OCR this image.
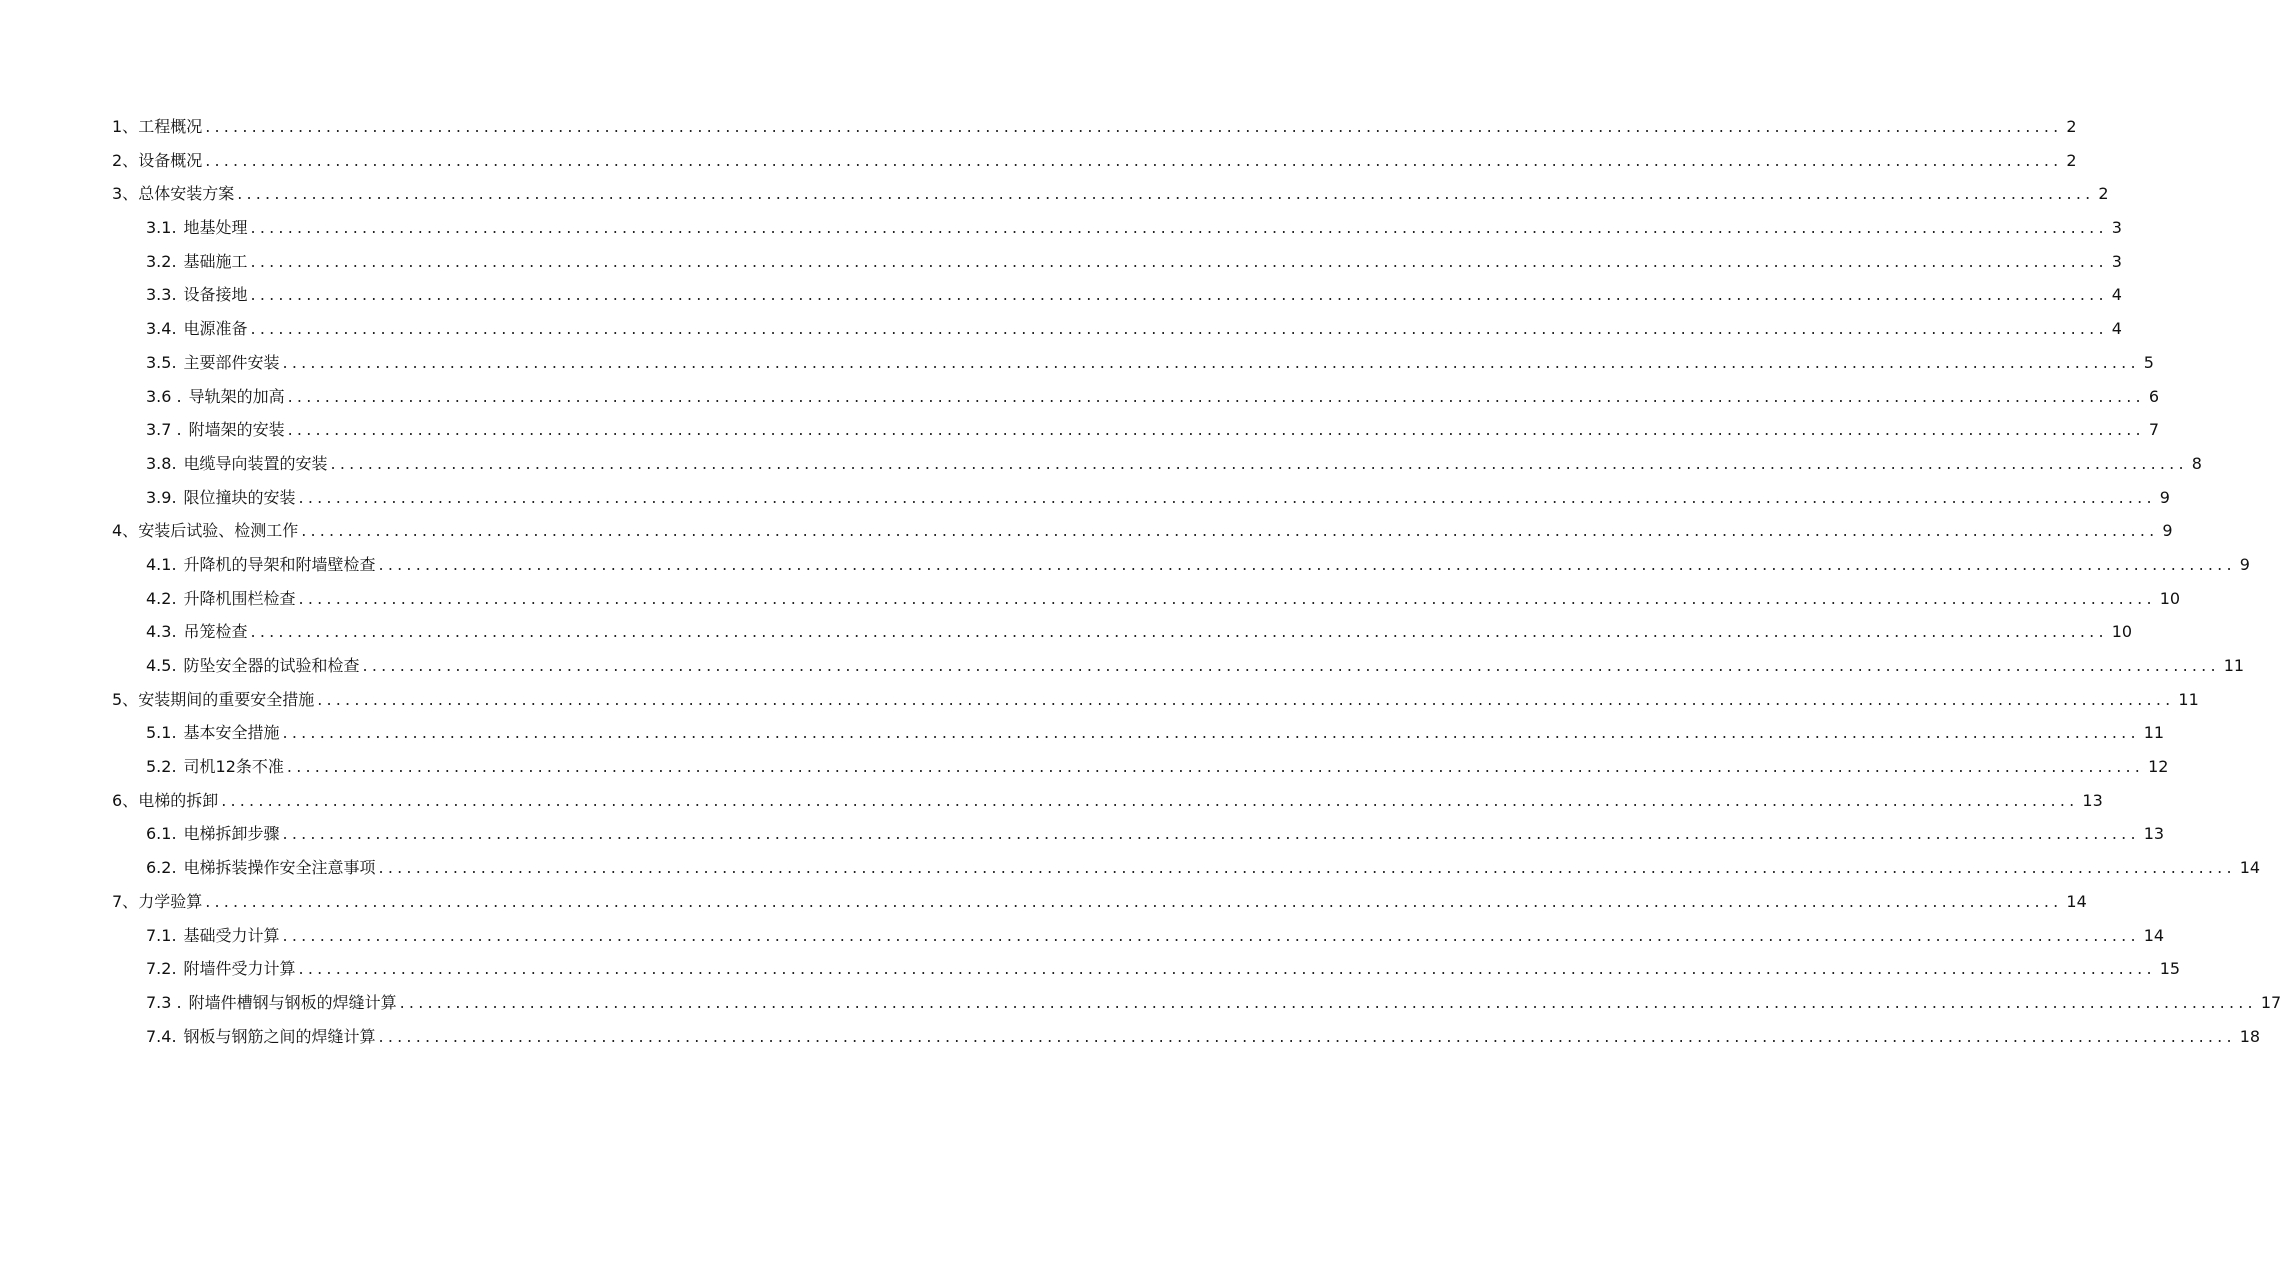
1、 工程概况 ........................................................................................................................................................................................................ 2
2、 设备概况 ........................................................................................................................................................................................................ 2
3、 总体安装方案 ........................................................................................................................................................................................................ 2
3.1. 地基处理 ........................................................................................................................................................................................................ 3
3.2. 基础施工 ........................................................................................................................................................................................................ 3
3.3. 设备接地 ........................................................................................................................................................................................................ 4
3.4. 电源准备 ........................................................................................................................................................................................................ 4
3.5. 主要部件安装 ........................................................................................................................................................................................................ 5
3.6 . 导轨架的加高 ........................................................................................................................................................................................................ 6
3.7 . 附墙架的安装 ........................................................................................................................................................................................................ 7
3.8. 电缆导向装置的安装 ........................................................................................................................................................................................................ 8
3.9. 限位撞块的安装 ........................................................................................................................................................................................................ 9
4、 安装后试验、检测工作 ........................................................................................................................................................................................................ 9
4.1. 升降机的导架和附墙壁检查 ........................................................................................................................................................................................................ 9
4.2. 升降机围栏检查 ........................................................................................................................................................................................................ 10
4.3. 吊笼检查 ........................................................................................................................................................................................................ 10
4.5. 防坠安全器的试验和检查 ........................................................................................................................................................................................................ 11
5、 安装期间的重要安全措施 ........................................................................................................................................................................................................ 11
5.1. 基本安全措施 ........................................................................................................................................................................................................ 11
5.2. 司机12条不准 ........................................................................................................................................................................................................ 12
6、 电梯的拆卸 ........................................................................................................................................................................................................ 13
6.1. 电梯拆卸步骤 ........................................................................................................................................................................................................ 13
6.2. 电梯拆装操作安全注意事项 ........................................................................................................................................................................................................ 14
7、 力学验算 ........................................................................................................................................................................................................ 14
7.1. 基础受力计算 ........................................................................................................................................................................................................ 14
7.2. 附墙件受力计算 ........................................................................................................................................................................................................ 15
7.3 . 附墙件槽钢与钢板的焊缝计算 ........................................................................................................................................................................................................ 17
7.4. 钢板与钢筋之间的焊缝计算 ........................................................................................................................................................................................................ 18
